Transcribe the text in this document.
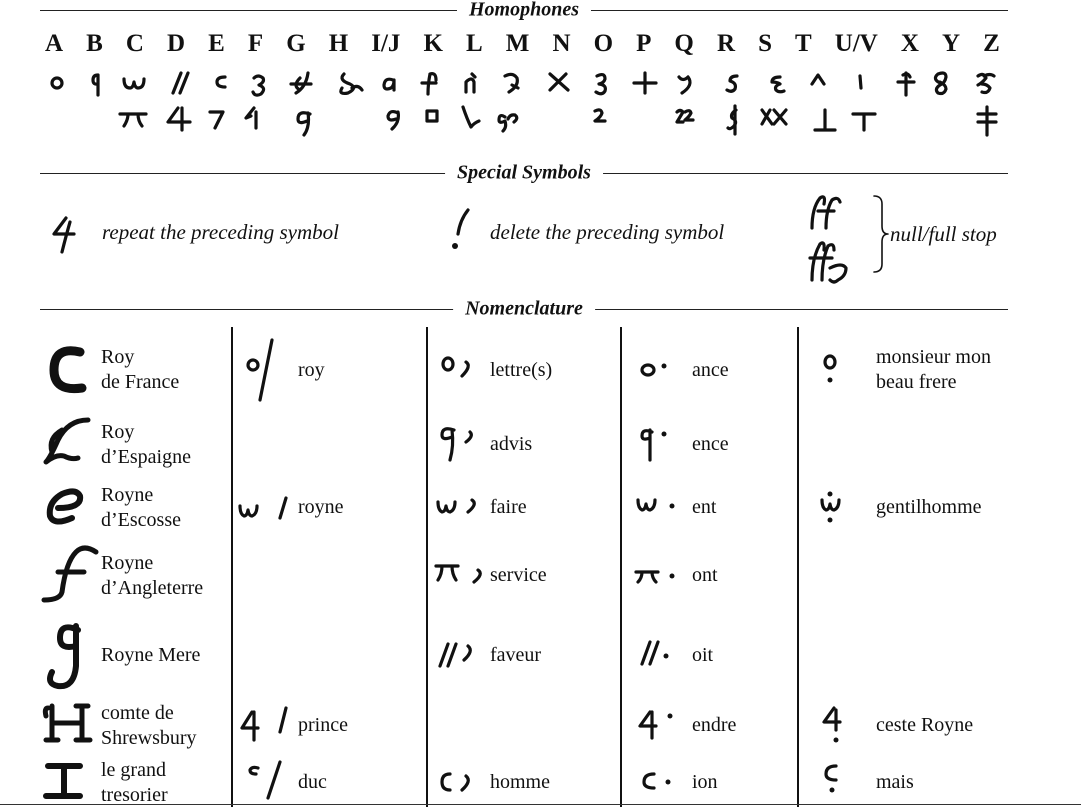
Homophones
Special Symbols
Nomenclature
A B C D E F G H I/J K L M N O P Q R S T U/V X Y Z
repeat the preceding symbol	delete the preceding symbol	null/full stop
Roy
de France
Roy
d’Espaigne
Royne
d’Escosse
Royne
d’Angleterre
Royne Mere
comte de
Shrewsbury
le grand
tresorier
roy
royne
prince
duc
lettre(s)
advis
faire
service
faveur
homme
ance
ence
ent
ont
oit
endre
ion
monsieur mon
beau frere
gentilhomme
ceste Royne
mais
